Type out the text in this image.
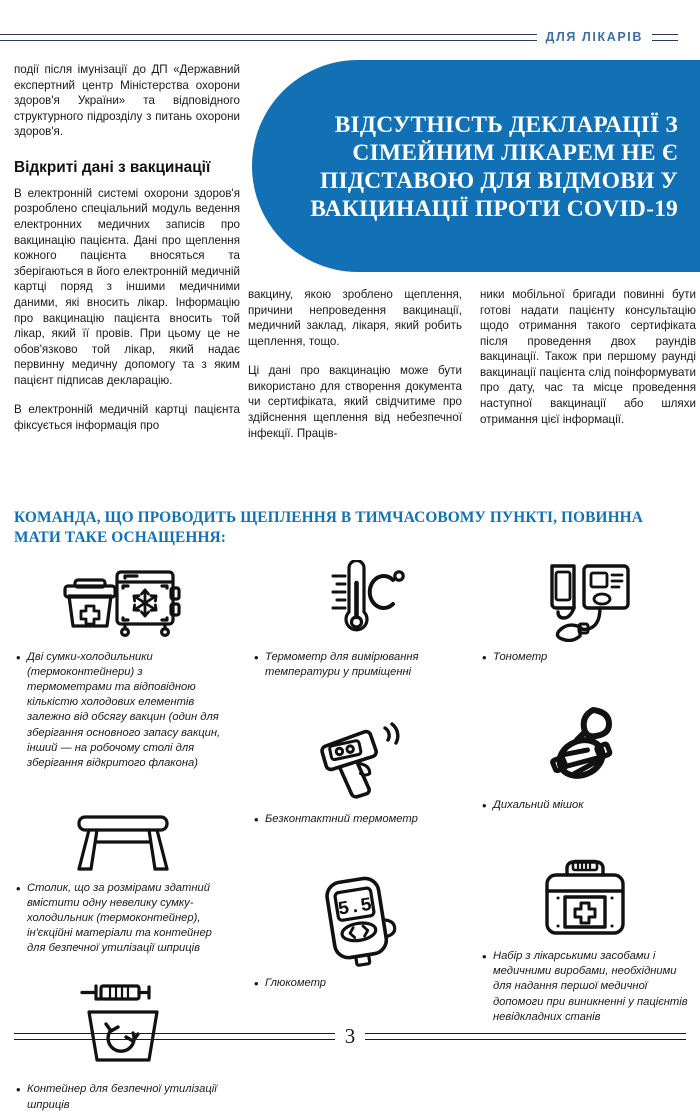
ДЛЯ ЛІКАРІВ
ВІДСУТНІСТЬ ДЕКЛАРАЦІЇ З СІМЕЙНИМ ЛІКАРЕМ НЕ Є ПІДСТАВОЮ ДЛЯ ВІДМОВИ У ВАКЦИНАЦІЇ ПРОТИ COVID-19

події після імунізації до ДП «Державний експертний центр Міністерства охорони здоров'я України» та відповідного структурного підрозділу з питань охорони здоров'я.

Відкриті дані з вакцинації

В електронній системі охорони здоров'я розроблено спеціальний модуль ведення електронних медичних записів про вакцинацію пацієнта. Дані про щеплення кожного пацієнта вносяться та зберігаються в його електронній медичній картці поряд з іншими медичними даними, які вносить лікар. Інформацію про вакцинацію пацієнта вносить той лікар, який її провів. При цьому це не обов'язково той лікар, який надає первинну медичну допомогу та з яким пацієнт підписав декларацію.

В електронній медичній картці пацієнта фіксується інформація про

вакцину, якою зроблено щеплення, причини непроведення вакцинації, медичний заклад, лікаря, який робить щеплення, тощо.

Ці дані про вакцинацію може бути використано для створення документа чи сертифіката, який свідчитиме про здійснення щеплення від небезпечної інфекції. Праців-

ники мобільної бригади повинні бути готові надати пацієнту консультацію щодо отримання такого сертифіката після проведення двох раундів вакцинації. Також при першому раунді вакцинації пацієнта слід поінформувати про дату, час та місце проведення наступної вакцинації або шляхи отримання цієї інформації.

КОМАНДА, ЩО ПРОВОДИТЬ ЩЕПЛЕННЯ В ТИМЧАСОВОМУ ПУНКТІ, ПОВИННА МАТИ ТАКЕ ОСНАЩЕННЯ:
• Дві сумки-холодильники (термоконтейнери) з термометрами та відповідною кількістю холодових елементів залежно від обсягу вакцин (один для зберігання основного запасу вакцин, інший — на робочому столі для зберігання відкритого флакона)
• Столик, що за розмірами здатний вмістити одну невелику сумку-холодильник (термоконтейнер), ін'єкційні матеріали та контейнер для безпечної утилізації шприців
• Контейнер для безпечної утилізації шприців
• Термометр для вимірювання температури у приміщенні
• Безконтактний термометр
5.5
• Глюкометр
• Тонометр
• Дихальний мішок
• Набір з лікарськими засобами і медичними виробами, необхідними для надання першої медичної допомоги при виникненні у пацієнтів невідкладних станів
3
